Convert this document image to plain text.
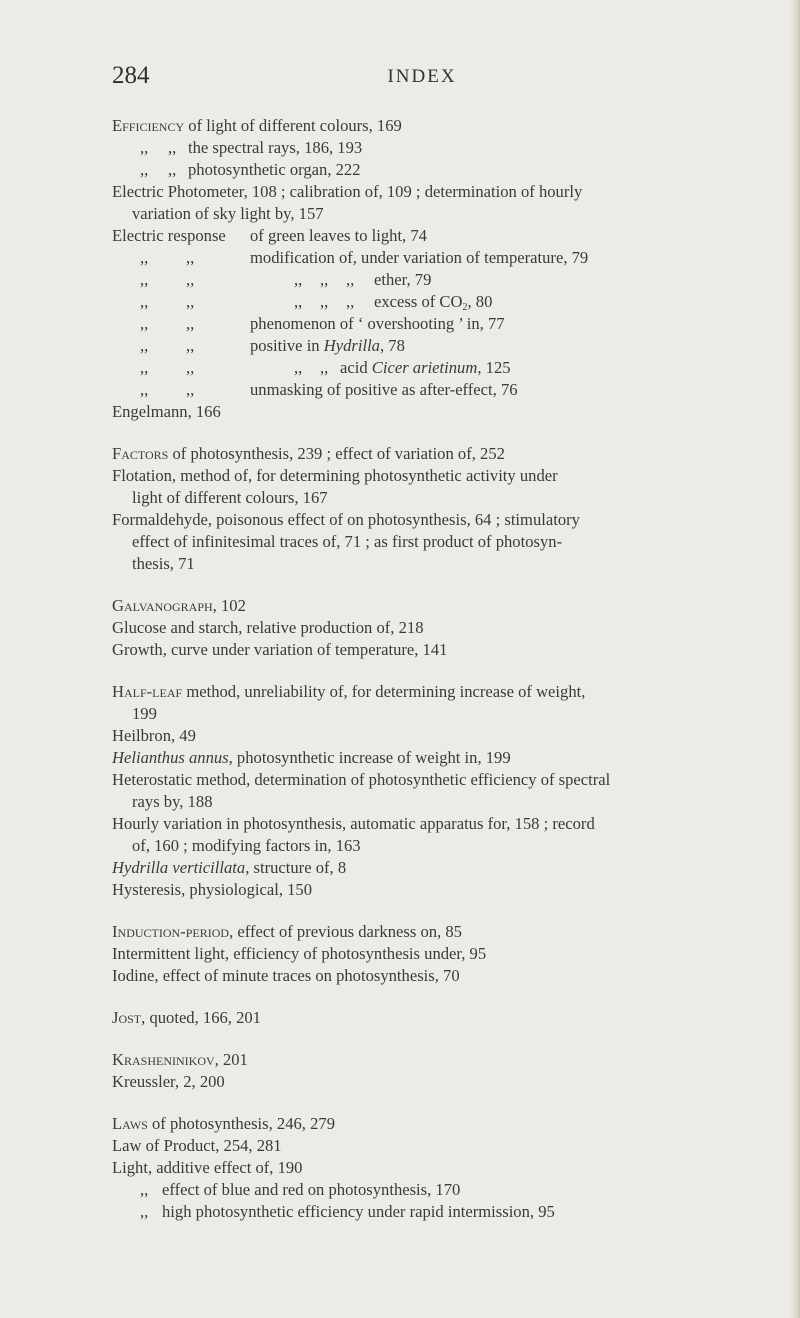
284	INDEX
Efficiency of light of different colours, 169
,, ,, the spectral rays, 186, 193
,, ,, photosynthetic organ, 222
Electric Photometer, 108 ; calibration of, 109 ; determination of hourly
variation of sky light by, 157
Electric response of green leaves to light, 74
,, ,,	modification of, under variation of temperature, 79
,, ,,	,, ,, ,, ether, 79
,, ,,	,, ,, ,, excess of $CO_2$, 80
,, ,,	phenomenon of ‘ overshooting ’ in, 77
,, ,,	positive in Hydrilla, 78
,, ,,	,, ,, acid Cicer arietinum, 125
,, ,,	unmasking of positive as after-effect, 76
Engelmann, 166
Factors of photosynthesis, 239 ; effect of variation of, 252
Flotation, method of, for determining photosynthetic activity under
light of different colours, 167
Formaldehyde, poisonous effect of on photosynthesis, 64 ; stimulatory
effect of infinitesimal traces of, 71 ; as first product of photosyn-
thesis, 71
Galvanograph, 102
Glucose and starch, relative production of, 218
Growth, curve under variation of temperature, 141
Half-leaf method, unreliability of, for determining increase of weight,
199
Heilbron, 49
Helianthus annus, photosynthetic increase of weight in, 199
Heterostatic method, determination of photosynthetic efficiency of spectral
rays by, 188
Hourly variation in photosynthesis, automatic apparatus for, 158 ; record
of, 160 ; modifying factors in, 163
Hydrilla verticillata, structure of, 8
Hysteresis, physiological, 150
Induction-period, effect of previous darkness on, 85
Intermittent light, efficiency of photosynthesis under, 95
Iodine, effect of minute traces on photosynthesis, 70
Jost, quoted, 166, 201
Krasheninikov, 201
Kreussler, 2, 200
Laws of photosynthesis, 246, 279
Law of Product, 254, 281
Light, additive effect of, 190
,, effect of blue and red on photosynthesis, 170
,, high photosynthetic efficiency under rapid intermission, 95
